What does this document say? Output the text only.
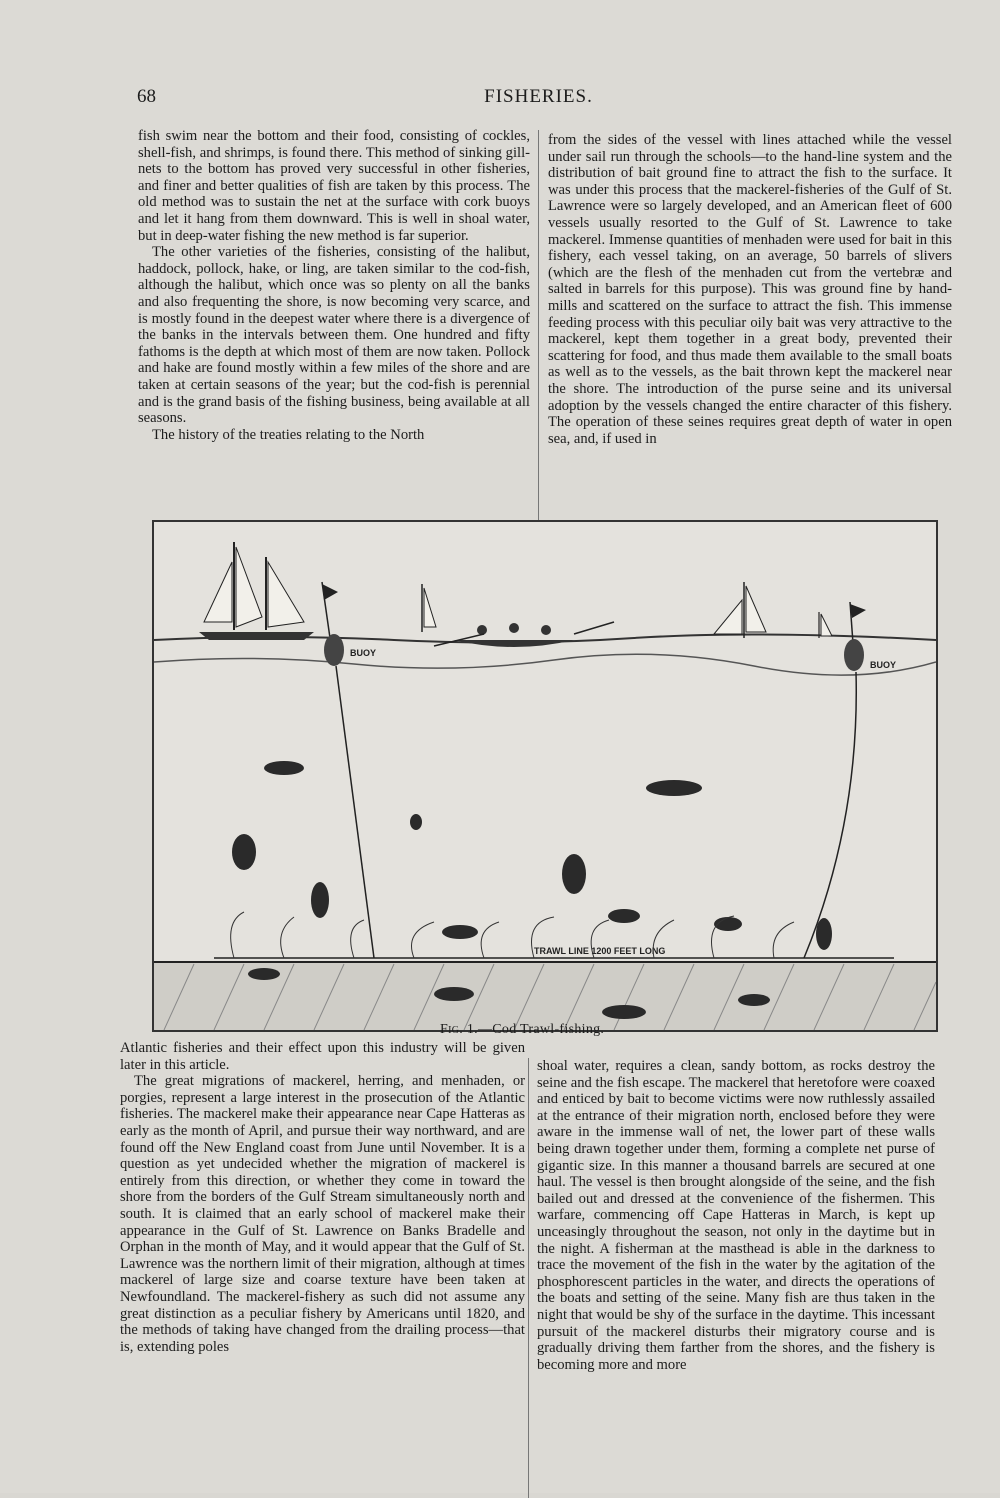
68	FISHERIES.

fish swim near the bottom and their food, consisting of cockles, shell-fish, and shrimps, is found there. This method of sinking gill-nets to the bottom has proved very successful in other fisheries, and finer and better qualities of fish are taken by this process. The old method was to sustain the net at the surface with cork buoys and let it hang from them downward. This is well in shoal water, but in deep-water fishing the new method is far superior.

The other varieties of the fisheries, consisting of the halibut, haddock, pollock, hake, or ling, are taken similar to the cod-fish, although the halibut, which once was so plenty on all the banks and also frequenting the shore, is now becoming very scarce, and is mostly found in the deepest water where there is a divergence of the banks in the intervals between them. One hundred and fifty fathoms is the depth at which most of them are now taken. Pollock and hake are found mostly within a few miles of the shore and are taken at certain seasons of the year; but the cod-fish is perennial and is the grand basis of the fishing business, being available at all seasons.

The history of the treaties relating to the North

from the sides of the vessel with lines attached while the vessel under sail run through the schools—to the hand-line system and the distribution of bait ground fine to attract the fish to the surface. It was under this process that the mackerel-fisheries of the Gulf of St. Lawrence were so largely developed, and an American fleet of 600 vessels usually resorted to the Gulf of St. Lawrence to take mackerel. Immense quantities of menhaden were used for bait in this fishery, each vessel taking, on an average, 50 barrels of slivers (which are the flesh of the menhaden cut from the vertebræ and salted in barrels for this purpose). This was ground fine by hand-mills and scattered on the surface to attract the fish. This immense feeding process with this peculiar oily bait was very attractive to the mackerel, kept them together in a great body, prevented their scattering for food, and thus made them available to the small boats as well as to the vessels, as the bait thrown kept the mackerel near the shore. The introduction of the purse seine and its universal adoption by the vessels changed the entire character of this fishery. The operation of these seines requires great depth of water in open sea, and, if used in

BUOY
BUOY
TRAWL LINE 1200 FEET LONG
Fig. 1.—Cod Trawl-fishing.

Atlantic fisheries and their effect upon this industry will be given later in this article.

The great migrations of mackerel, herring, and menhaden, or porgies, represent a large interest in the prosecution of the Atlantic fisheries. The mackerel make their appearance near Cape Hatteras as early as the month of April, and pursue their way northward, and are found off the New England coast from June until November. It is a question as yet undecided whether the migration of mackerel is entirely from this direction, or whether they come in toward the shore from the borders of the Gulf Stream simultaneously north and south. It is claimed that an early school of mackerel make their appearance in the Gulf of St. Lawrence on Banks Bradelle and Orphan in the month of May, and it would appear that the Gulf of St. Lawrence was the northern limit of their migration, although at times mackerel of large size and coarse texture have been taken at Newfoundland. The mackerel-fishery as such did not assume any great distinction as a peculiar fishery by Americans until 1820, and the methods of taking have changed from the drailing process—that is, extending poles

shoal water, requires a clean, sandy bottom, as rocks destroy the seine and the fish escape. The mackerel that heretofore were coaxed and enticed by bait to become victims were now ruthlessly assailed at the entrance of their migration north, enclosed before they were aware in the immense wall of net, the lower part of these walls being drawn together under them, forming a complete net purse of gigantic size. In this manner a thousand barrels are secured at one haul. The vessel is then brought alongside of the seine, and the fish bailed out and dressed at the convenience of the fishermen. This warfare, commencing off Cape Hatteras in March, is kept up unceasingly throughout the season, not only in the daytime but in the night. A fisherman at the masthead is able in the darkness to trace the movement of the fish in the water by the agitation of the phosphorescent particles in the water, and directs the operations of the boats and setting of the seine. Many fish are thus taken in the night that would be shy of the surface in the daytime. This incessant pursuit of the mackerel disturbs their migratory course and is gradually driving them farther from the shores, and the fishery is becoming more and more
